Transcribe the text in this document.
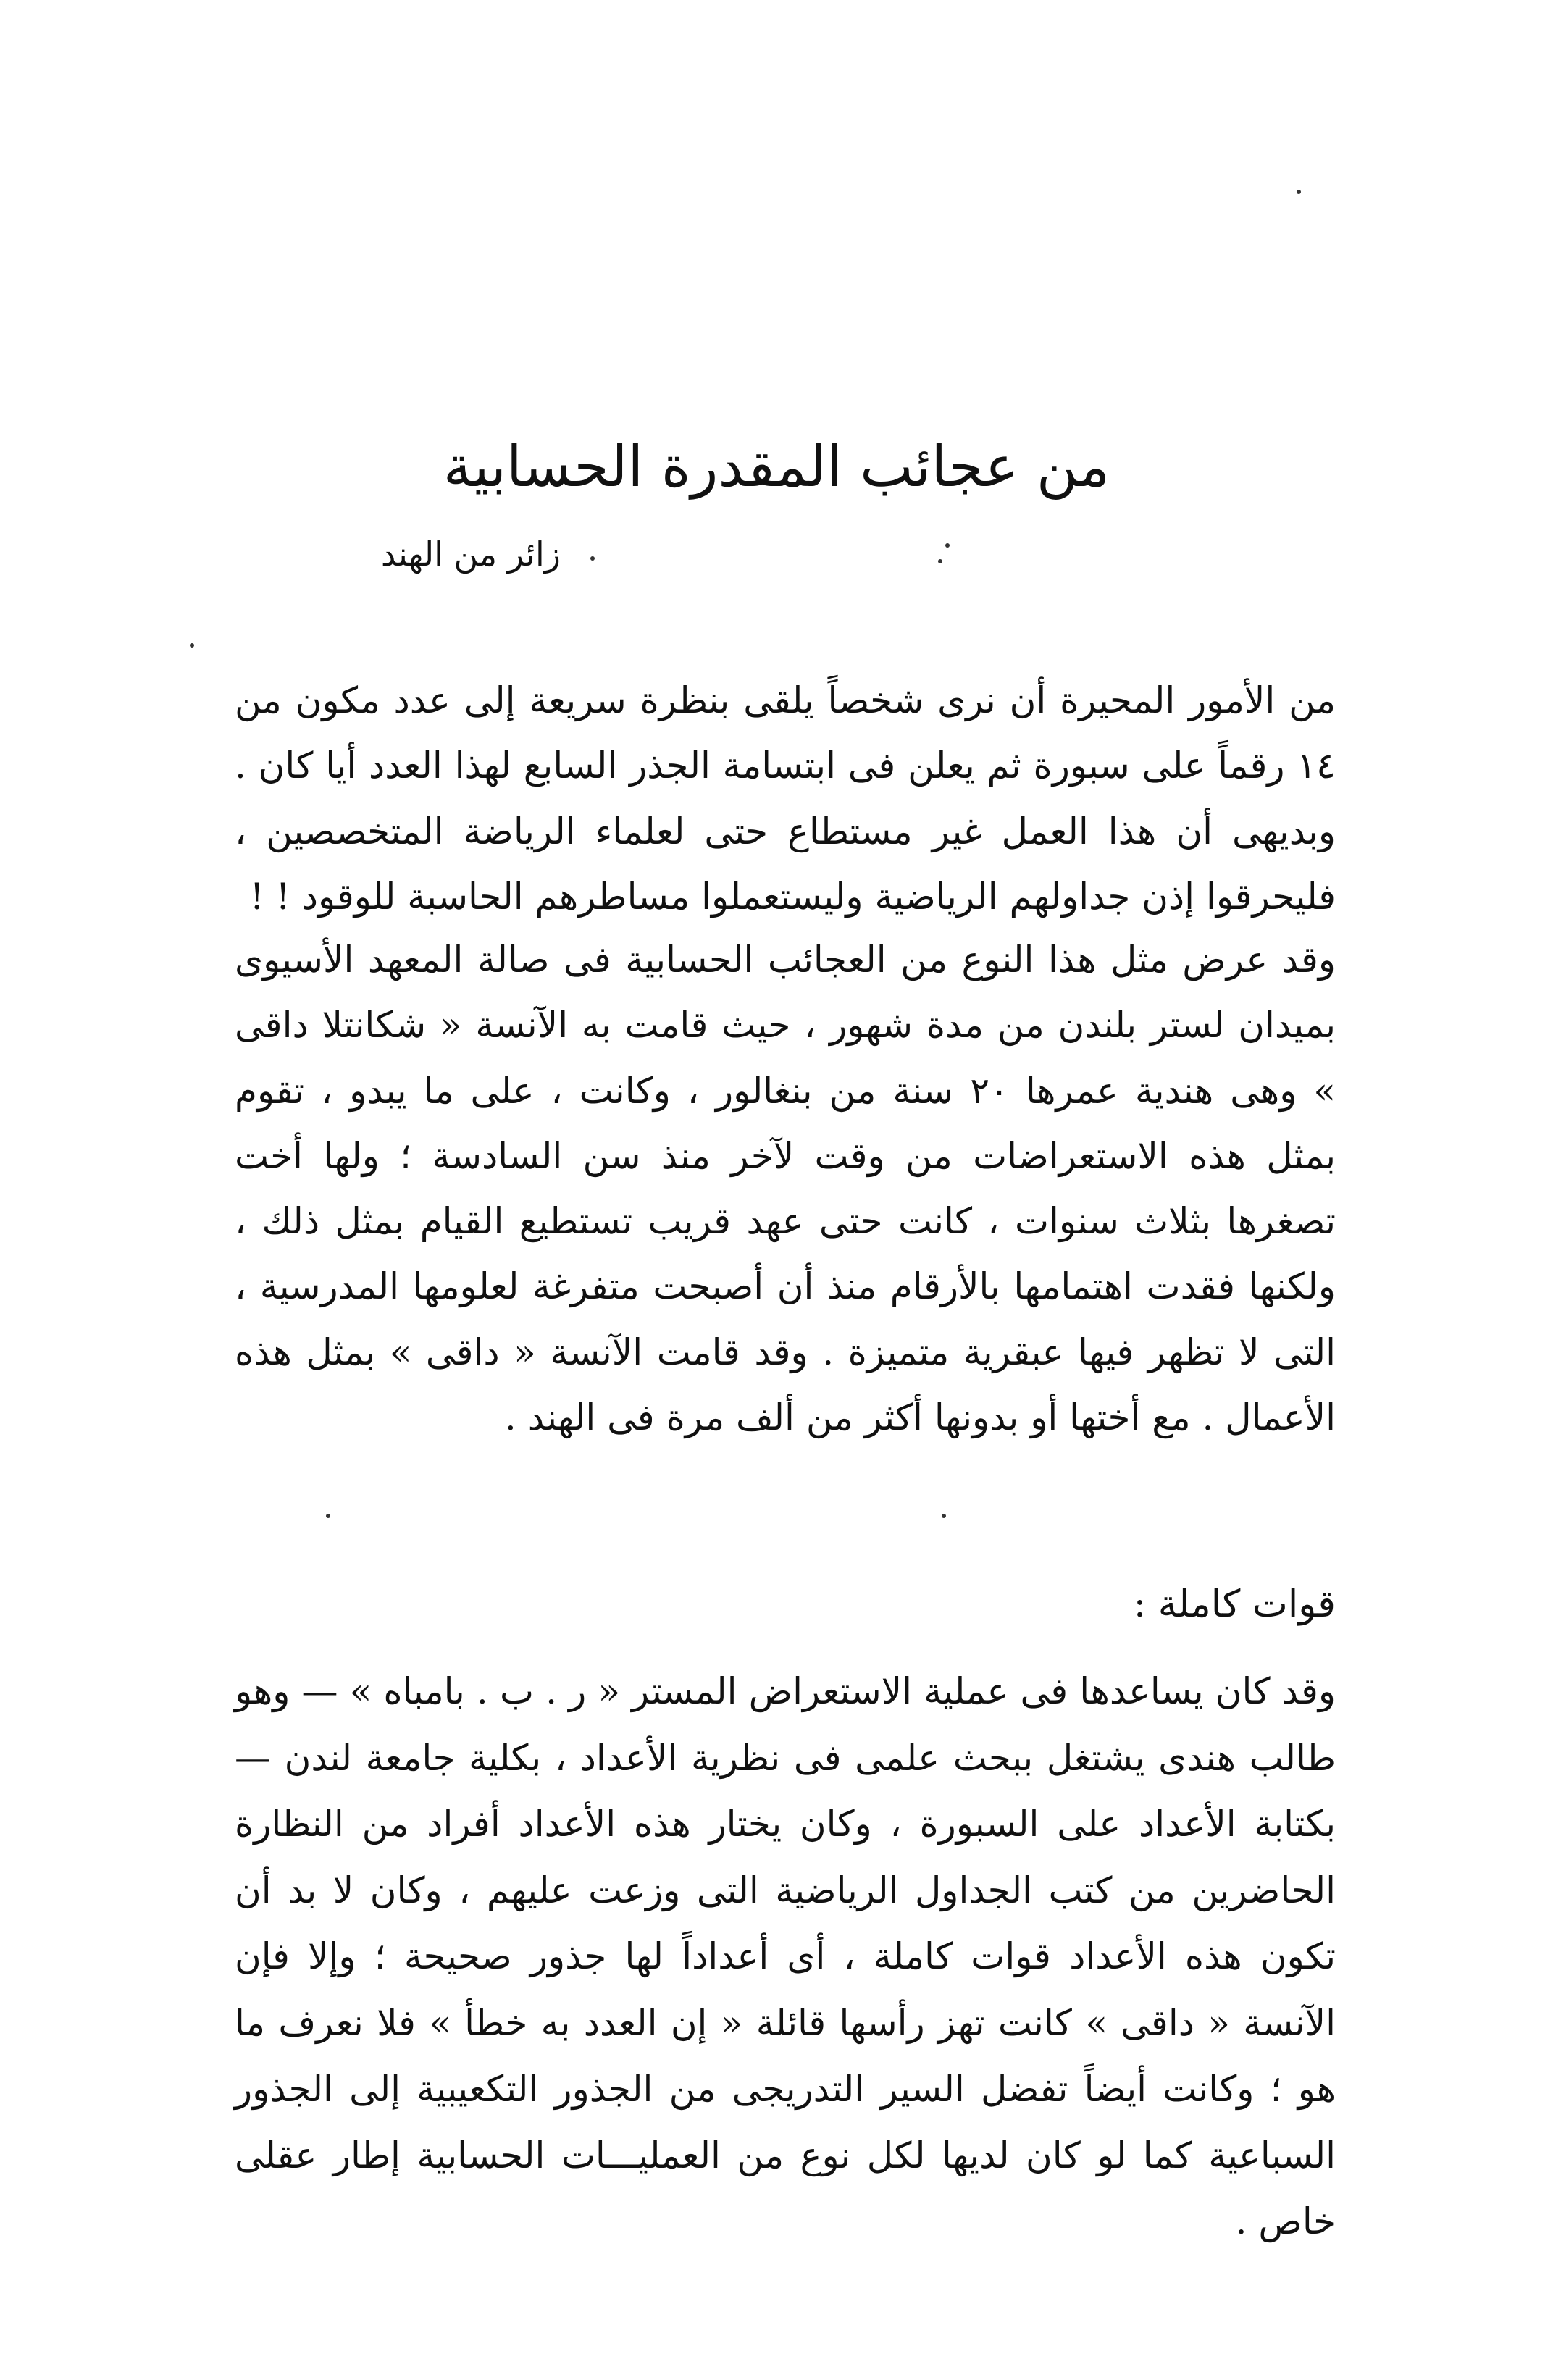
من عجائب المقدرة الحسابية

زائر من الهند

من الأمور المحيرة أن نرى شخصاً يلقى بنظرة سريعة إلى عدد مكون من ١٤ رقماً على سبورة ثم يعلن فى ابتسامة الجذر السابع لهذا العدد أيا كان . وبديهى أن هذا العمل غير مستطاع حتى لعلماء الرياضة المتخصصين ، فليحرقوا إذن جداولهم الرياضية وليستعملوا مساطرهم الحاسبة للوقود ! !

وقد عرض مثل هذا النوع من العجائب الحسابية فى صالة المعهد الأسيوى بميدان لستر بلندن من مدة شهور ، حيث قامت به الآنسة « شكانتلا داقى » وهى هندية عمرها ٢٠ سنة من بنغالور ، وكانت ، على ما يبدو ، تقوم بمثل هذه الاستعراضات من وقت لآخر منذ سن السادسة ؛ ولها أخت تصغرها بثلاث سنوات ، كانت حتى عهد قريب تستطيع القيام بمثل ذلك ، ولكنها فقدت اهتمامها بالأرقام منذ أن أصبحت متفرغة لعلومها المدرسية ، التى لا تظهر فيها عبقرية متميزة . وقد قامت الآنسة « داقى » بمثل هذه الأعمال . مع أختها أو بدونها أكثر من ألف مرة فى الهند .

قوات كاملة :

وقد كان يساعدها فى عملية الاستعراض المستر « ر . ب . بامباه » — وهو طالب هندى يشتغل ببحث علمى فى نظرية الأعداد ، بكلية جامعة لندن — بكتابة الأعداد على السبورة ، وكان يختار هذه الأعداد أفراد من النظارة الحاضرين من كتب الجداول الرياضية التى وزعت عليهم ، وكان لا بد أن تكون هذه الأعداد قوات كاملة ، أى أعداداً لها جذور صحيحة ؛ وإلا فإن الآنسة « داقى » كانت تهز رأسها قائلة « إن العدد به خطأ » فلا نعرف ما هو ؛ وكانت أيضاً تفضل السير التدريجى من الجذور التكعيبية إلى الجذور السباعية كما لو كان لديها لكل نوع من العمليـــات الحسابية إطار عقلى خاص .
